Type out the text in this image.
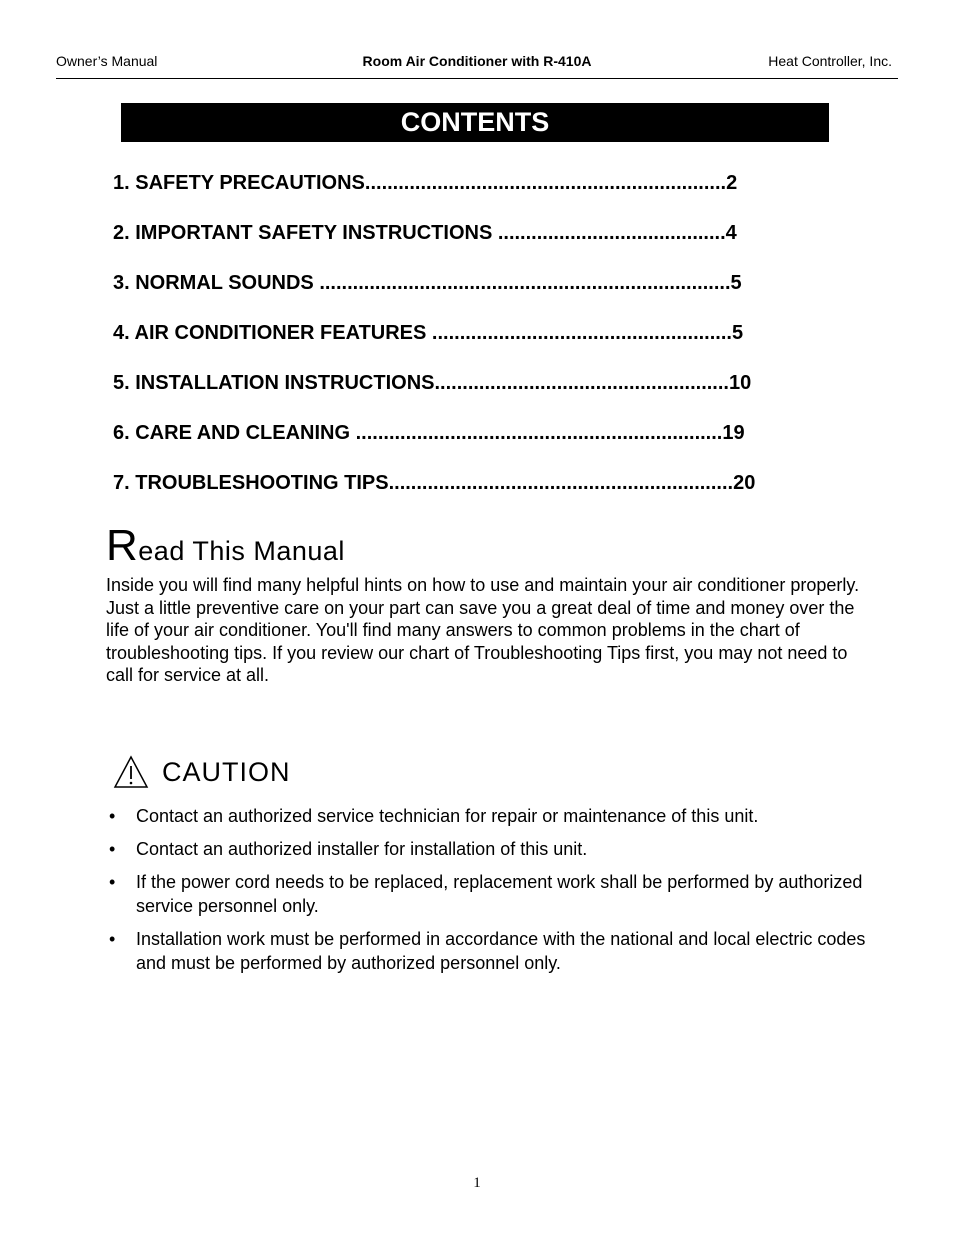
Owner’s Manual	Room Air Conditioner with R-410A	Heat Controller, Inc.
CONTENTS
1. SAFETY PRECAUTIONS.................................................................2
2. IMPORTANT SAFETY INSTRUCTIONS .........................................4
3. NORMAL SOUNDS ..........................................................................5
4. AIR CONDITIONER FEATURES ......................................................5
5. INSTALLATION INSTRUCTIONS.....................................................10
6. CARE AND CLEANING ..................................................................19
7. TROUBLESHOOTING TIPS..............................................................20
Read This Manual
Inside you will find many helpful hints on how to use and maintain your air conditioner properly. Just a little preventive care on your part can save you a great deal of time and money over the life of your air conditioner. You'll find many answers to common problems in the chart of troubleshooting tips. If you review our chart of Troubleshooting Tips first, you may not need to call for service at all.
CAUTION
• Contact an authorized service technician for repair or maintenance of this unit.
• Contact an authorized installer for installation of this unit.
• If the power cord needs to be replaced, replacement work shall be performed by authorized service personnel only.
• Installation work must be performed in accordance with the national and local electric codes and must be performed by authorized personnel only.
1
